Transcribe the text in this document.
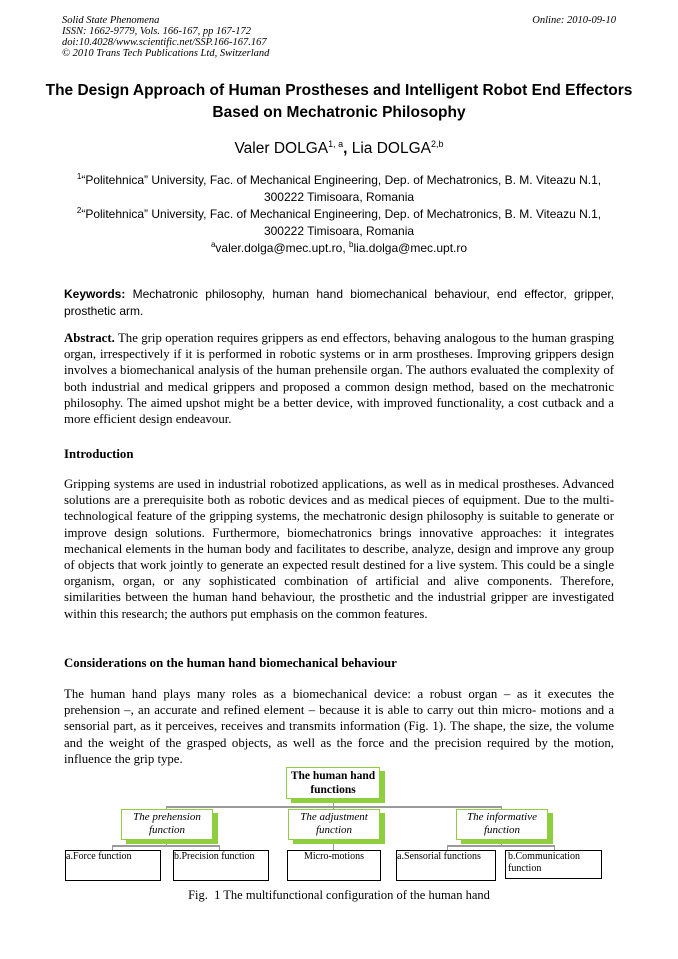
Solid State Phenomena
ISSN: 1662-9779, Vols. 166-167, pp 167-172
doi:10.4028/www.scientific.net/SSP.166-167.167
© 2010 Trans Tech Publications Ltd, Switzerland
Online: 2010-09-10
The Design Approach of Human Prostheses and Intelligent Robot End Effectors Based on Mechatronic Philosophy
Valer DOLGA$^{1, a}$, Lia DOLGA$^{2,b}$
$^1$“Politehnica” University, Fac. of Mechanical Engineering, Dep. of Mechatronics, B. M. Viteazu N.1,
300222 Timisoara, Romania
$^2$“Politehnica” University, Fac. of Mechanical Engineering, Dep. of Mechatronics, B. M. Viteazu N.1,
300222 Timisoara, Romania
$^a$valer.dolga@mec.upt.ro, $^b$lia.dolga@mec.upt.ro
Keywords: Mechatronic philosophy, human hand biomechanical behaviour, end effector, gripper, prosthetic arm.
Abstract. The grip operation requires grippers as end effectors, behaving analogous to the human grasping organ, irrespectively if it is performed in robotic systems or in arm prostheses. Improving grippers design involves a biomechanical analysis of the human prehensile organ. The authors evaluated the complexity of both industrial and medical grippers and proposed a common design method, based on the mechatronic philosophy. The aimed upshot might be a better device, with improved functionality, a cost cutback and a more efficient design endeavour.
Introduction
Gripping systems are used in industrial robotized applications, as well as in medical prostheses. Advanced solutions are a prerequisite both as robotic devices and as medical pieces of equipment. Due to the multi-technological feature of the gripping systems, the mechatronic design philosophy is suitable to generate or improve design solutions. Furthermore, biomechatronics brings innovative approaches: it integrates mechanical elements in the human body and facilitates to describe, analyze, design and improve any group of objects that work jointly to generate an expected result destined for a live system. This could be a single organism, organ, or any sophisticated combination of artificial and alive components. Therefore, similarities between the human hand behaviour, the prosthetic and the industrial gripper are investigated within this research; the authors put emphasis on the common features.
Considerations on the human hand biomechanical behaviour
The human hand plays many roles as a biomechanical device: a robust organ – as it executes the prehension –, an accurate and refined element – because it is able to carry out thin micro- motions and a sensorial part, as it perceives, receives and transmits information (Fig. 1). The shape, the size, the volume and the weight of the grasped objects, as well as the force and the precision required by the motion, influence the grip type.
The human hand functions
The prehension function
The adjustment function
The informative function
a.Force function	b.Precision function	Micro-motions	a.Sensorial functions	b.Communication function
Fig.  1 The multifunctional configuration of the human hand
